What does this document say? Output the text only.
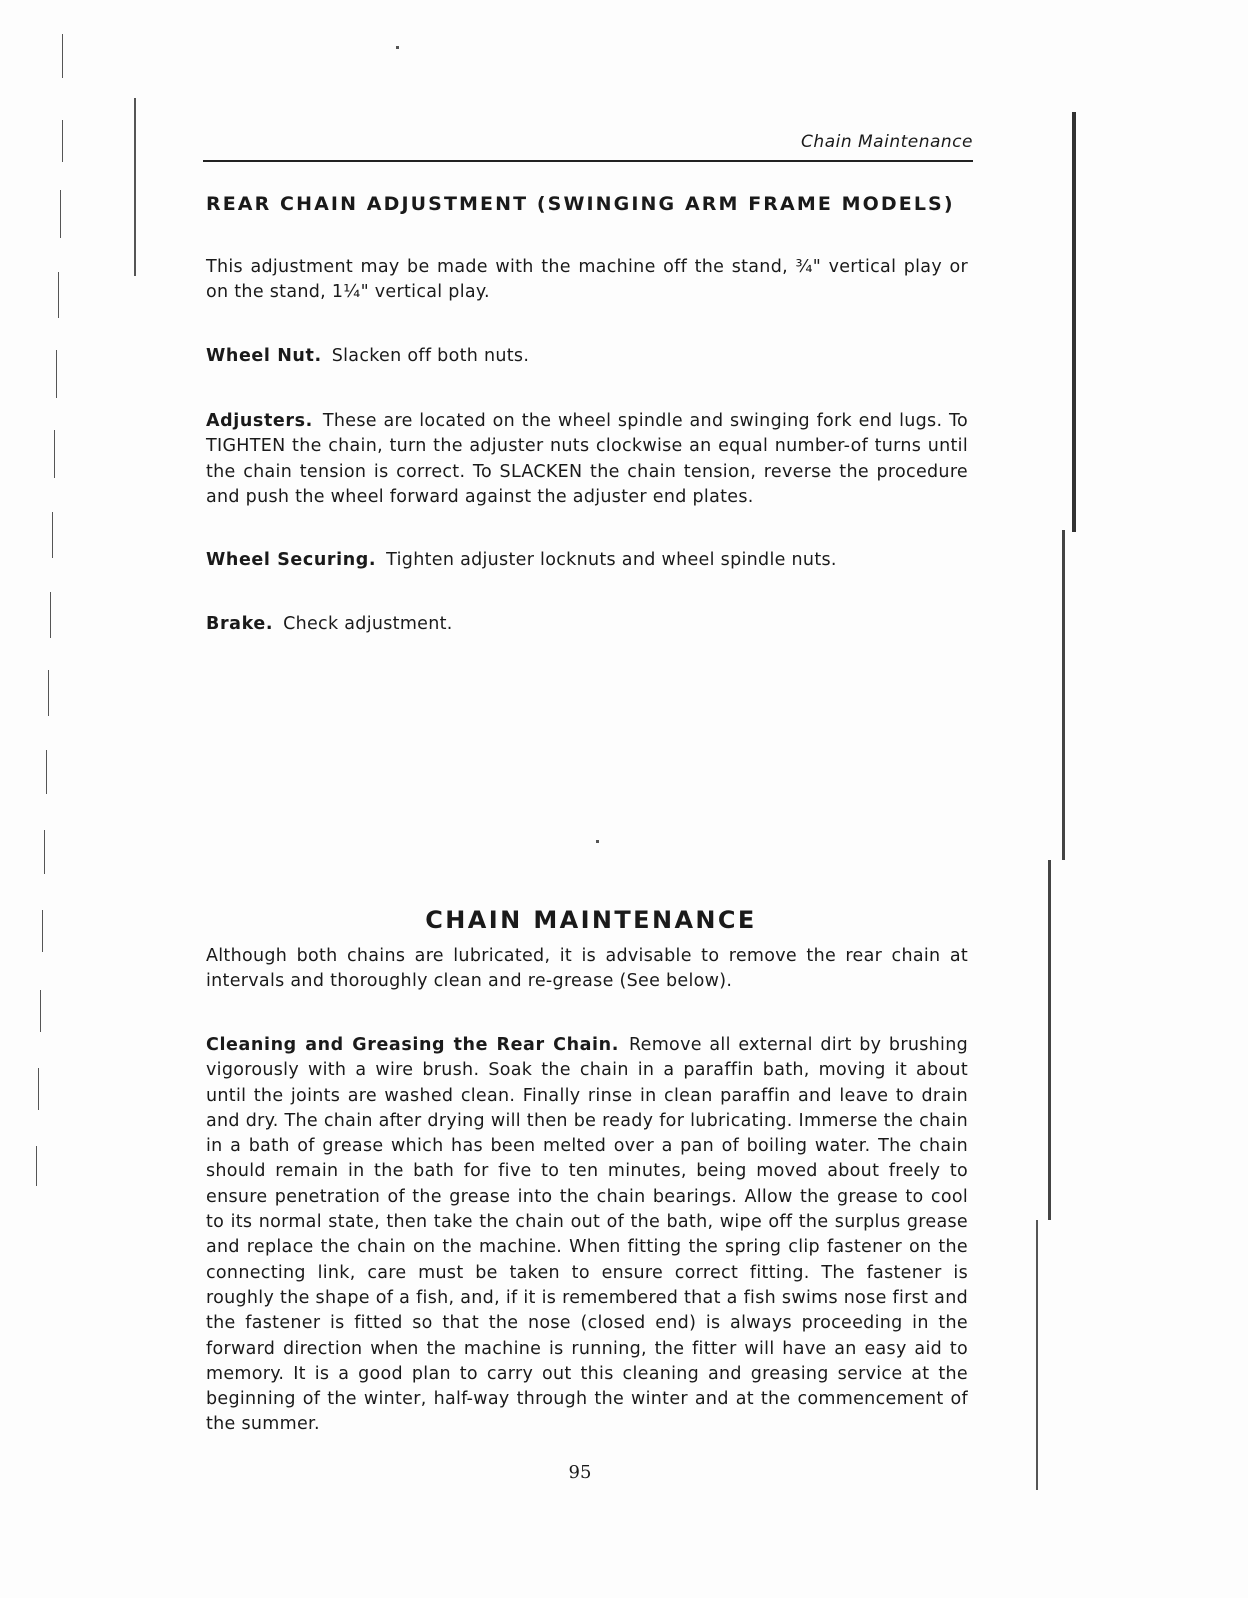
Chain Maintenance
REAR CHAIN ADJUSTMENT (SWINGING ARM FRAME MODELS)
This adjustment may be made with the machine off the stand, ¾" vertical play or on the stand, 1¼" vertical play.
Wheel Nut. Slacken off both nuts.
Adjusters. These are located on the wheel spindle and swinging fork end lugs. To TIGHTEN the chain, turn the adjuster nuts clockwise an equal number-of turns until the chain tension is correct. To SLACKEN the chain tension, reverse the procedure and push the wheel forward against the adjuster end plates.
Wheel Securing. Tighten adjuster locknuts and wheel spindle nuts.
Brake. Check adjustment.
CHAIN MAINTENANCE
Although both chains are lubricated, it is advisable to remove the rear chain at intervals and thoroughly clean and re-grease (See below).
Cleaning and Greasing the Rear Chain. Remove all external dirt by brushing vigorously with a wire brush. Soak the chain in a paraffin bath, moving it about until the joints are washed clean. Finally rinse in clean paraffin and leave to drain and dry. The chain after drying will then be ready for lubricating. Immerse the chain in a bath of grease which has been melted over a pan of boiling water. The chain should remain in the bath for five to ten minutes, being moved about freely to ensure penetration of the grease into the chain bearings. Allow the grease to cool to its normal state, then take the chain out of the bath, wipe off the surplus grease and replace the chain on the machine. When fitting the spring clip fastener on the connecting link, care must be taken to ensure correct fitting. The fastener is roughly the shape of a fish, and, if it is remembered that a fish swims nose first and the fastener is fitted so that the nose (closed end) is always proceeding in the forward direction when the machine is running, the fitter will have an easy aid to memory. It is a good plan to carry out this cleaning and greasing service at the beginning of the winter, half-way through the winter and at the commencement of the summer.
95
